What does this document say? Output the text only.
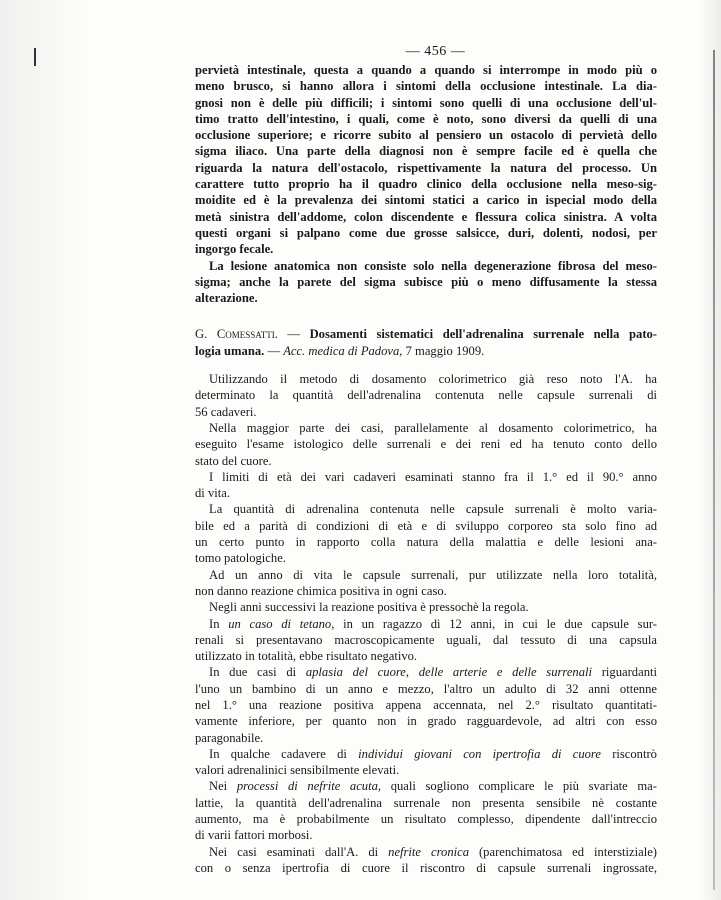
— 456 —
pervietà intestinale, questa a quando a quando si interrompe in modo più o
meno brusco, si hanno allora i sintomi della occlusione intestinale. La dia-
gnosi non è delle più difficili; i sintomi sono quelli di una occlusione dell'ul-
timo tratto dell'intestino, i quali, come è noto, sono diversi da quelli di una
occlusione superiore; e ricorre subito al pensiero un ostacolo di pervietà dello
sigma iliaco. Una parte della diagnosi non è sempre facile ed è quella che
riguarda la natura dell'ostacolo, rispettivamente la natura del processo. Un
carattere tutto proprio ha il quadro clinico della occlusione nella meso-sig-
moidite ed è la prevalenza dei sintomi statici a carico in ispecial modo della
metà sinistra dell'addome, colon discendente e flessura colica sinistra. A volta
questi organi si palpano come due grosse salsicce, duri, dolenti, nodosi, per
ingorgo fecale.
La lesione anatomica non consiste solo nella degenerazione fibrosa del meso-
sigma; anche la parete del sigma subisce più o meno diffusamente la stessa
alterazione.
G. Comessatti. — Dosamenti sistematici dell'adrenalina surrenale nella pato-
logia umana. — Acc. medica di Padova, 7 maggio 1909.
Utilizzando il metodo di dosamento colorimetrico già reso noto l'A. ha
determinato la quantità dell'adrenalina contenuta nelle capsule surrenali di
56 cadaveri.
Nella maggior parte dei casi, parallelamente al dosamento colorimetrico, ha
eseguito l'esame istologico delle surrenali e dei reni ed ha tenuto conto dello
stato del cuore.
I limiti di età dei vari cadaveri esaminati stanno fra il 1.° ed il 90.° anno
di vita.
La quantità di adrenalina contenuta nelle capsule surrenali è molto varia-
bile ed a parità di condizioni di età e di sviluppo corporeo sta solo fino ad
un certo punto in rapporto colla natura della malattia e delle lesioni ana-
tomo patologiche.
Ad un anno di vita le capsule surrenali, pur utilizzate nella loro totalità,
non danno reazione chimica positiva in ogni caso.
Negli anni successivi la reazione positiva è pressochè la regola.
In un caso di tetano, in un ragazzo di 12 anni, in cui le due capsule sur-
renali si presentavano macroscopicamente uguali, dal tessuto di una capsula
utilizzato in totalità, ebbe risultato negativo.
In due casi di aplasia del cuore, delle arterie e delle surrenali riguardanti
l'uno un bambino di un anno e mezzo, l'altro un adulto di 32 anni ottenne
nel 1.° una reazione positiva appena accennata, nel 2.° risultato quantitati-
vamente inferiore, per quanto non in grado ragguardevole, ad altri con esso
paragonabile.
In qualche cadavere di individui giovani con ipertrofia di cuore riscontrò
valori adrenalinici sensibilmente elevati.
Nei processi di nefrite acuta, quali sogliono complicare le più svariate ma-
lattie, la quantità dell'adrenalina surrenale non presenta sensibile nè costante
aumento, ma è probabilmente un risultato complesso, dipendente dall'intreccio
di varii fattori morbosi.
Nei casi esaminati dall'A. di nefrite cronica (parenchimatosa ed interstiziale)
con o senza ipertrofia di cuore il riscontro di capsule surrenali ingrossate,
